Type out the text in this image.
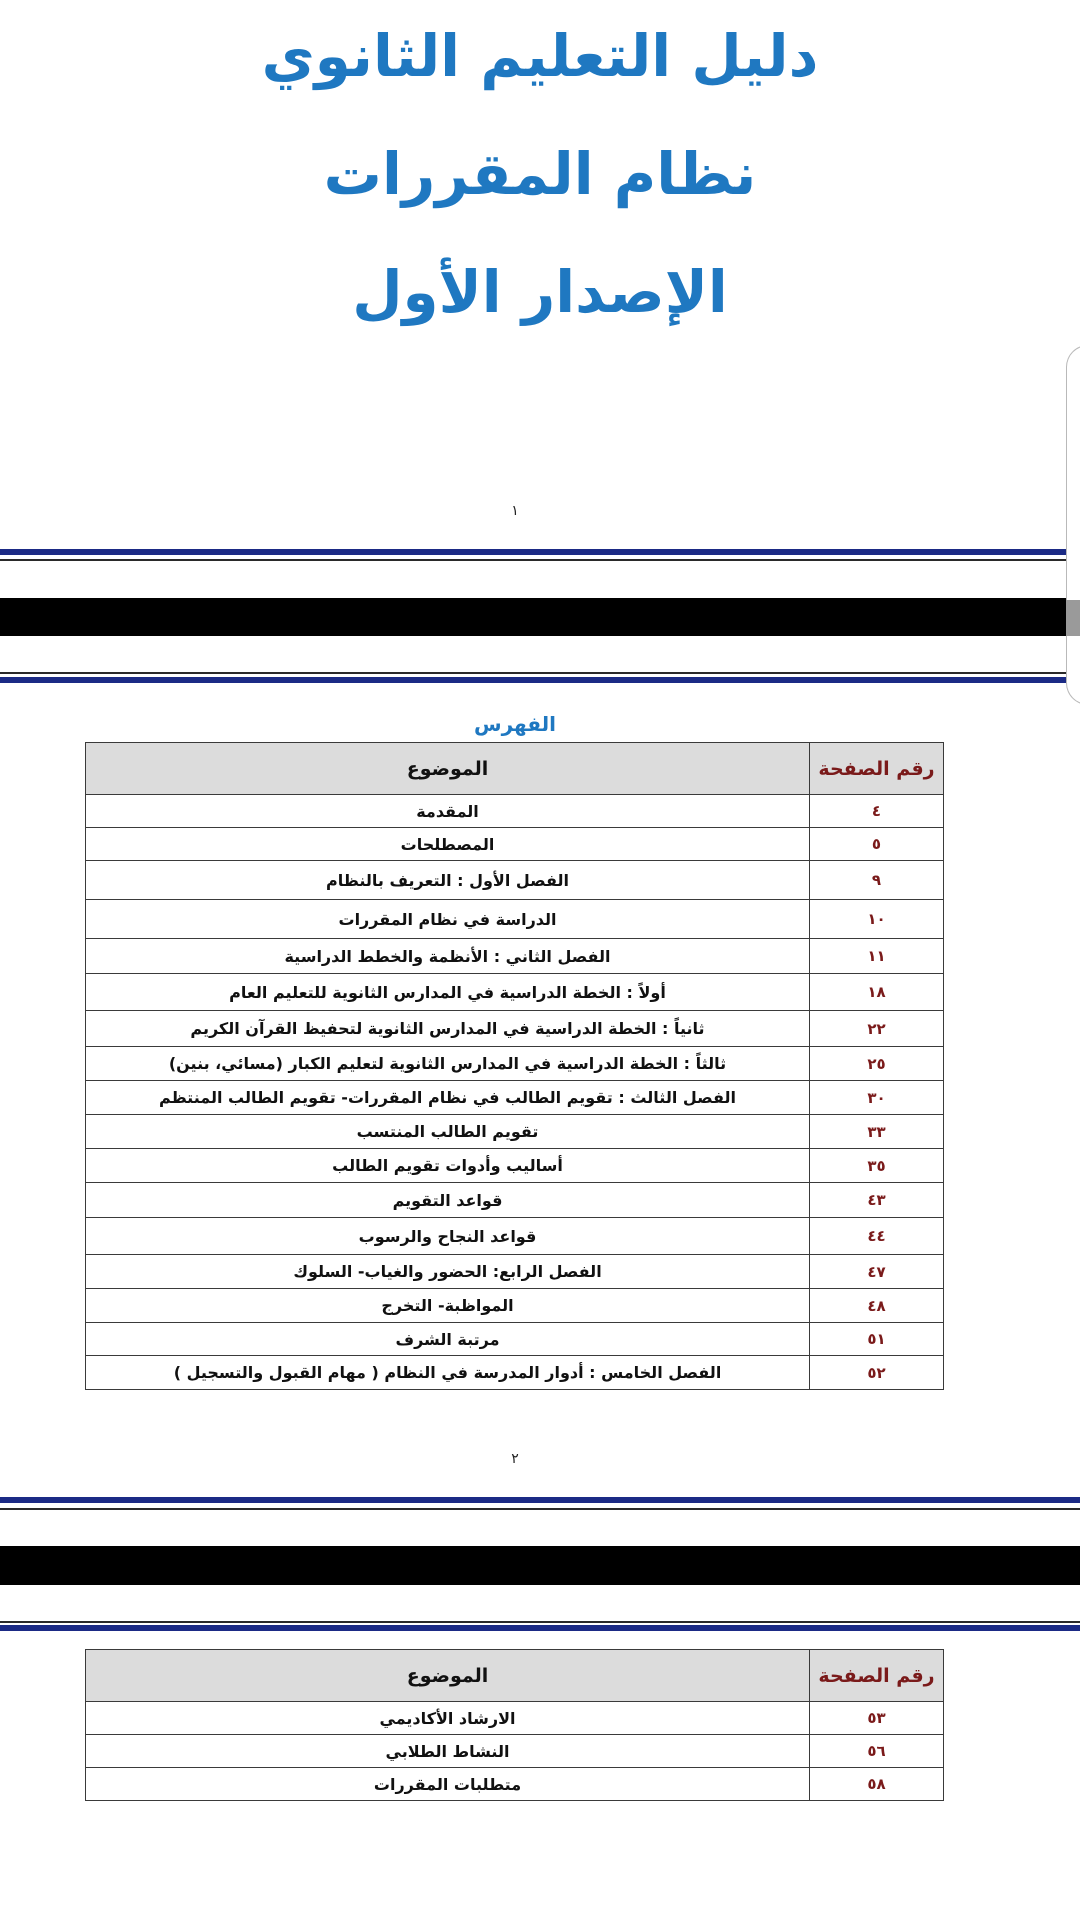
دليل التعليم الثانوي
نظام المقررات
الإصدار الأول
١
الفهرس
رقم الصفحة	الموضوع
٤	المقدمة
٥	المصطلحات
٩	الفصل الأول : التعريف بالنظام
١٠	الدراسة في نظام المقررات
١١	الفصل الثاني : الأنظمة والخطط الدراسية
١٨	أولاً : الخطة الدراسية في المدارس الثانوية للتعليم العام
٢٢	ثانياً : الخطة الدراسية في المدارس الثانوية لتحفيظ القرآن الكريم
٢٥	ثالثاً : الخطة الدراسية في المدارس الثانوية لتعليم الكبار (مسائي، بنين)
٣٠	الفصل الثالث : تقويم الطالب في نظام المقررات- تقويم الطالب المنتظم
٣٣	تقويم الطالب المنتسب
٣٥	أساليب وأدوات تقويم الطالب
٤٣	قواعد التقويم
٤٤	قواعد النجاح والرسوب
٤٧	الفصل الرابع: الحضور والغياب- السلوك
٤٨	المواظبة- التخرج
٥١	مرتبة الشرف
٥٢	الفصل الخامس : أدوار المدرسة في النظام ( مهام القبول والتسجيل )
٢
رقم الصفحة	الموضوع
٥٣	الارشاد الأكاديمي
٥٦	النشاط الطلابي
٥٨	متطلبات المقررات
